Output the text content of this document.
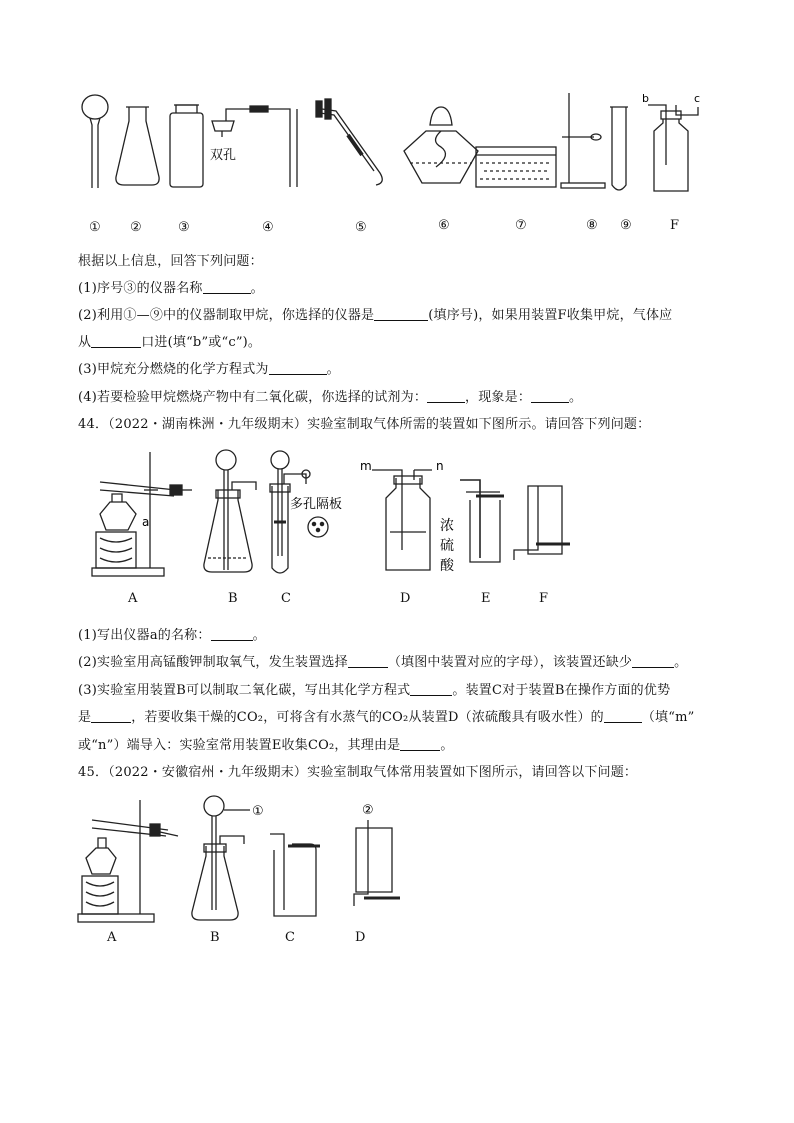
双孔
b	c
① ②	③	④	⑤	⑥	⑦	⑧ ⑨	F
根据以上信息，回答下列问题：
(1)序号③的仪器名称	。
(2)利用①—⑨中的仪器制取甲烷，你选择的仪器是	(填序号)，如果用装置F收集甲烷，气体应
从	口进(填“b”或“c”)。
(3)甲烷充分燃烧的化学方程式为	。
(4)若要检验甲烷燃烧产物中有二氧化碳，你选择的试剂为：	，现象是：	。
44．（2022・湖南株洲・九年级期末）实验室制取气体所需的装置如下图所示。请回答下列问题：
a
多孔隔板
m	n
浓
硫
酸
A	B	C	D	E	F
(1)写出仪器a的名称：	。
(2)实验室用高锰酸钾制取氧气，发生装置选择	（填图中装置对应的字母），该装置还缺少	。
(3)实验室用装置B可以制取二氧化碳，写出其化学方程式	。装置C对于装置B在操作方面的优势
是	，若要收集干燥的CO₂，可将含有水蒸气的CO₂从装置D（浓硫酸具有吸水性）的	（填“m”
或“n”）端导入：实验室常用装置E收集CO₂，其理由是	。
45．（2022・安徽宿州・九年级期末）实验室制取气体常用装置如下图所示，请回答以下问题：
①	②
A	B	C	D
